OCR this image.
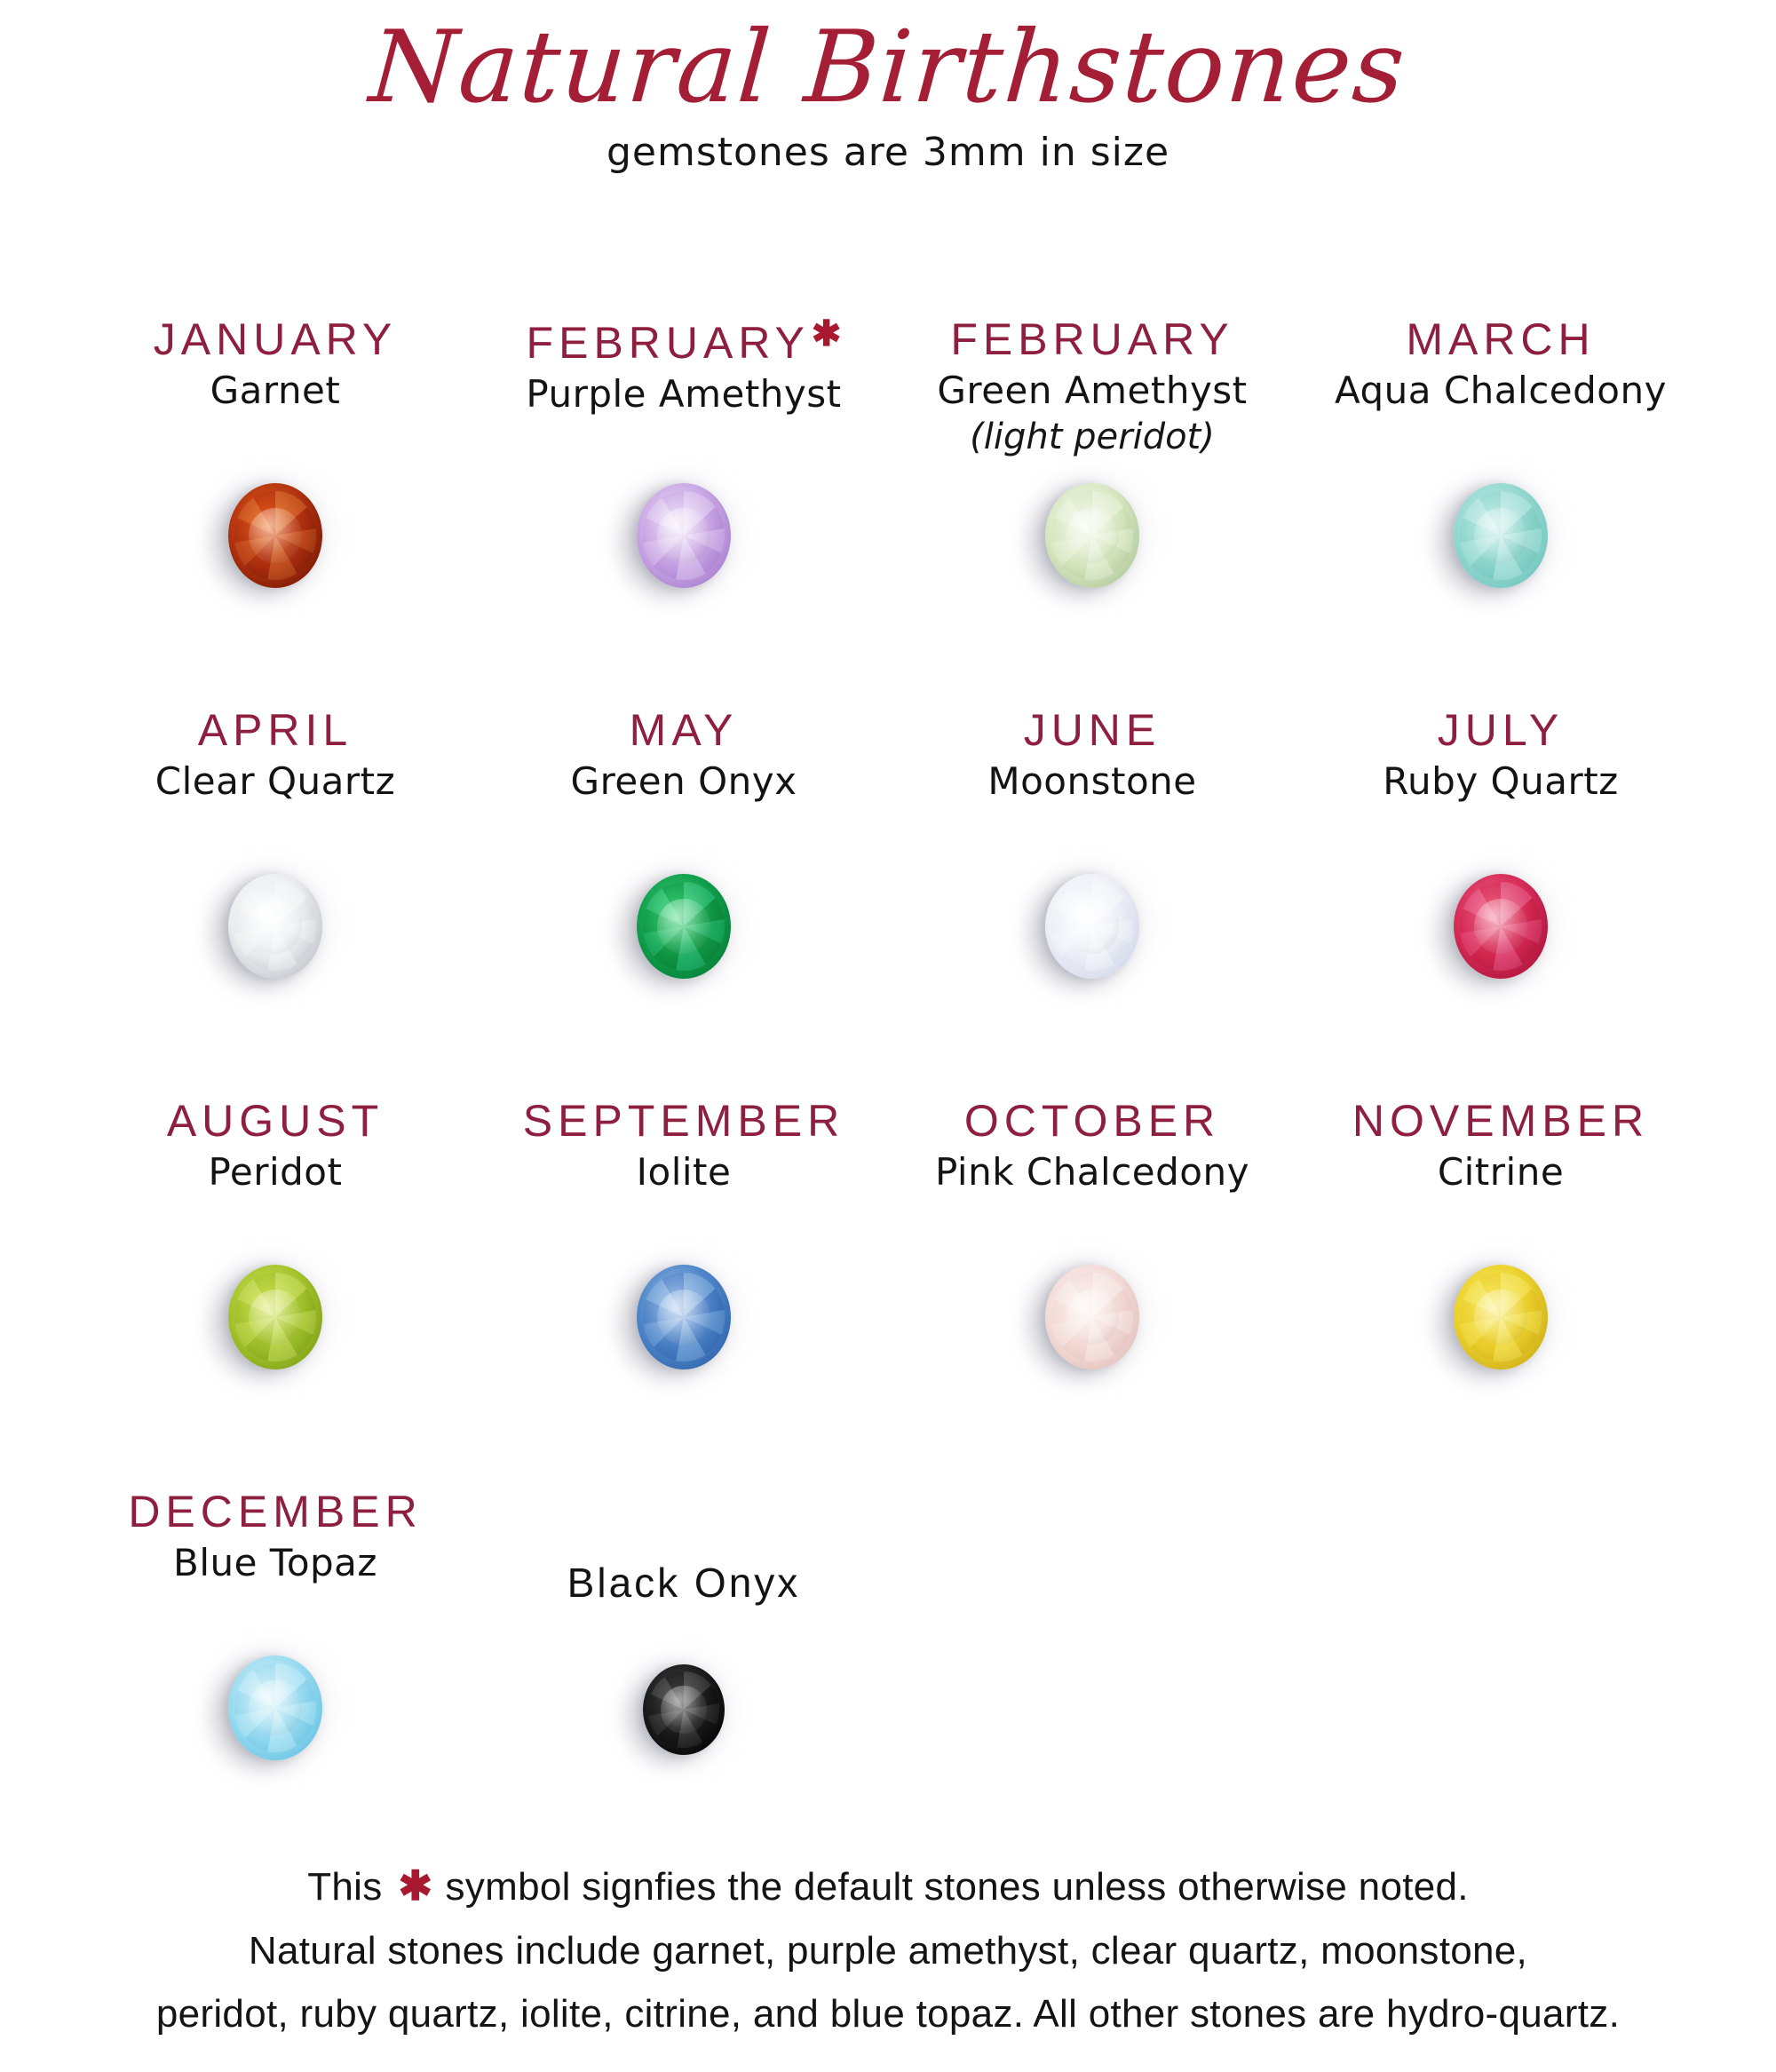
Natural Birthstones
gemstones are 3mm in size
JANUARY
Garnet
FEBRUARY✱
Purple Amethyst
FEBRUARY
Green Amethyst
(light peridot)
MARCH
Aqua Chalcedony
APRIL
Clear Quartz
MAY
Green Onyx
JUNE
Moonstone
JULY
Ruby Quartz
AUGUST
Peridot
SEPTEMBER
Iolite
OCTOBER
Pink Chalcedony
NOVEMBER
Citrine
DECEMBER
Blue Topaz	Black Onyx

This ✱ symbol signfies the default stones unless otherwise noted.

Natural stones include garnet, purple amethyst, clear quartz, moonstone,

peridot, ruby quartz, iolite, citrine, and blue topaz. All other stones are hydro-quartz.
